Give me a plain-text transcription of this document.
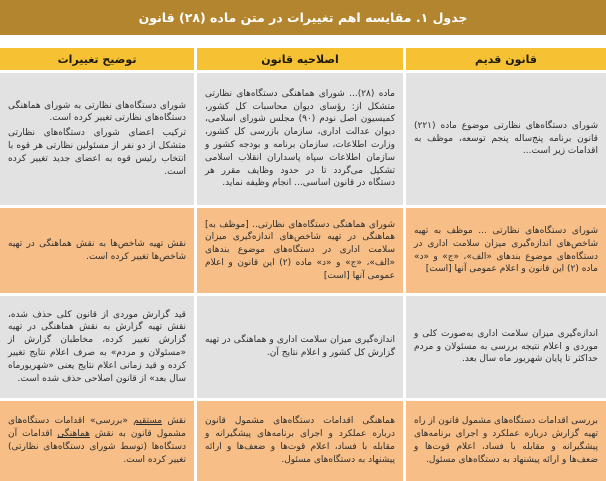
جدول ۱. مقایسه اهم تغییرات در متن ماده (۲۸) قانون
قانون قدیم
اصلاحیه قانون
توضیح تغییرات
شورای دستگاه‌های نظارتی موضوع ماده (۲۲۱) قانون برنامه پنج‌ساله پنجم توسعه، موظف به اقدامات زیر است...
ماده (۲۸)... شورای هماهنگی دستگاه‌های نظارتی متشکل از: رؤسای دیوان محاسبات کل کشور، کمیسیون اصل نودم (۹۰) مجلس شورای اسلامی، دیوان عدالت اداری، سازمان بازرسی کل کشور، وزارت اطلاعات، سازمان برنامه و بودجه کشور و سازمان اطلاعات سپاه پاسداران انقلاب اسلامی تشکیل می‌گردد تا در حدود وظایف مقرر هر دستگاه در قانون اساسی... انجام وظیفه نماید.
شورای دستگاه‌های نظارتی به شورای هماهنگی دستگاه‌های نظارتی تغییر کرده است.
ترکیب اعضای شورای دستگاه‌های نظارتی متشکل از دو نفر از مسئولین نظارتی هر قوه با انتخاب رئیس قوه به اعضای جدید تغییر کرده است.
شورای دستگاه‌های نظارتی ... موظف به تهیه شاخص‌های اندازه‌گیری میزان سلامت اداری در دستگاه‌های موضوع بندهای «الف»، «ج» و «د» ماده (۲) این قانون و اعلام عمومی آنها [است]
شورای هماهنگی دستگاه‌های نظارتی.. [موظف به] هماهنگی در تهیه شاخص‌های اندازه‌گیری میزان سلامت اداری در دستگاه‌های موضوع بندهای «الف»، «ج» و «د» ماده (۲) این قانون و اعلام عمومی آنها [است]
نقش تهیه شاخص‌ها به نقش هماهنگی در تهیه شاخص‌ها تغییر کرده است.
اندازه‌گیری میزان سلامت اداری به‌صورت کلی و موردی و اعلام نتیجه بررسی به مسئولان و مردم حداکثر تا پایان شهریور ماه سال بعد.
اندازه‌گیری میزان سلامت اداری و هماهنگی در تهیه گزارش کل کشور و اعلام نتایج آن.
قید گزارش موردی از قانون کلی حذف شده، نقش تهیه گزارش به نقش هماهنگی در تهیه گزارش تغییر کرده، مخاطبان گزارش از «مسئولان و مردم» به صرف اعلام نتایج تغییر کرده و قید زمانی اعلام نتایج یعنی «شهریورماه سال بعد» از قانون اصلاحی حذف شده است.
بررسی اقدامات دستگاه‌های مشمول قانون از راه تهیه گزارش درباره عملکرد و اجرای برنامه‌های پیشگیرانه و مقابله با فساد، اعلام قوت‌ها و ضعف‌ها و ارائه پیشنهاد به دستگاه‌های مسئول.
هماهنگی اقدامات دستگاه‌های مشمول قانون درباره عملکرد و اجرای برنامه‌های پیشگیرانه و مقابله با فساد، اعلام قوت‌ها و ضعف‌ها و ارائه پیشنهاد به دستگاه‌های مسئول.
نقش مستقیم «بررسی» اقدامات دستگاه‌های مشمول قانون به نقش هماهنگی اقدامات آن دستگاه‌ها (توسط شورای دستگاه‌های نظارتی) تغییر کرده است.
